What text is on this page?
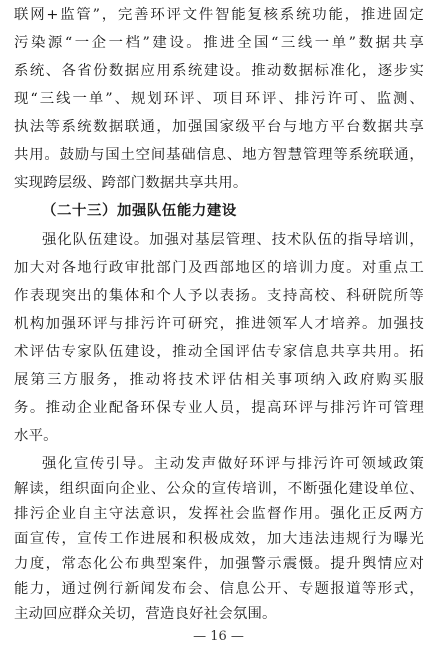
联网+监管”，完善环评文件智能复核系统功能，推进固定
污染源“一企一档”建设。推进全国“三线一单”数据共享
系统、各省份数据应用系统建设。推动数据标准化，逐步实
现“三线一单”、规划环评、项目环评、排污许可、监测、
执法等系统数据联通，加强国家级平台与地方平台数据共享
共用。鼓励与国土空间基础信息、地方智慧管理等系统联通，
实现跨层级、跨部门数据共享共用。
（二十三）加强队伍能力建设
强化队伍建设。加强对基层管理、技术队伍的指导培训，
加大对各地行政审批部门及西部地区的培训力度。对重点工
作表现突出的集体和个人予以表扬。支持高校、科研院所等
机构加强环评与排污许可研究，推进领军人才培养。加强技
术评估专家队伍建设，推动全国评估专家信息共享共用。拓
展第三方服务，推动将技术评估相关事项纳入政府购买服
务。推动企业配备环保专业人员，提高环评与排污许可管理
水平。
强化宣传引导。主动发声做好环评与排污许可领域政策
解读，组织面向企业、公众的宣传培训，不断强化建设单位、
排污企业自主守法意识，发挥社会监督作用。强化正反两方
面宣传，宣传工作进展和积极成效，加大违法违规行为曝光
力度，常态化公布典型案件，加强警示震慑。提升舆情应对
能力，通过例行新闻发布会、信息公开、专题报道等形式，
主动回应群众关切，营造良好社会氛围。
— 16 —
